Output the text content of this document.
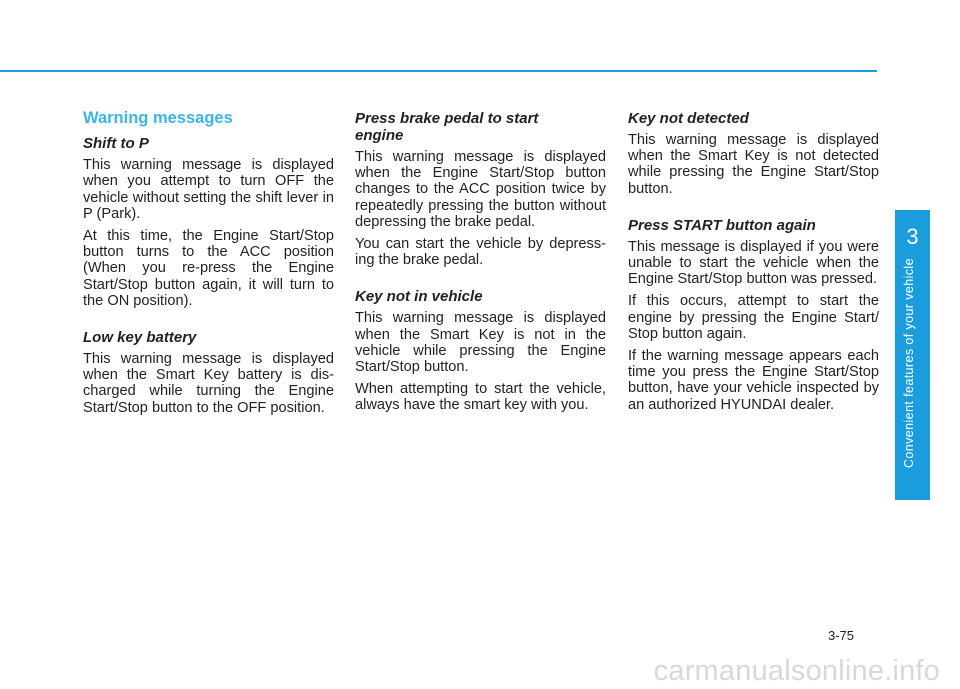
Warning messages
Shift to P

This warning message is displayed when you attempt to turn OFF the vehicle without setting the shift lever in P (Park).

At this time, the Engine Start/Stop button turns to the ACC position (When you re-press the Engine Start/Stop button again, it will turn to the ON position).

Low key battery

This warning message is displayed when the Smart Key battery is dis-charged while turning the Engine Start/Stop button to the OFF position.

Press brake pedal to start engine

This warning message is displayed when the Engine Start/Stop button changes to the ACC position twice by repeatedly pressing the button without depressing the brake pedal.

You can start the vehicle by depress-ing the brake pedal.

Key not in vehicle

This warning message is displayed when the Smart Key is not in the vehicle while pressing the Engine Start/Stop button.

When attempting to start the vehicle, always have the smart key with you.

Key not detected

This warning message is displayed when the Smart Key is not detected while pressing the Engine Start/Stop button.

Press START button again

This message is displayed if you were unable to start the vehicle when the Engine Start/Stop button was pressed.

If this occurs, attempt to start the engine by pressing the Engine Start/ Stop button again.

If the warning message appears each time you press the Engine Start/Stop button, have your vehicle inspected by an authorized HYUNDAI dealer.

3
Convenient features of your vehicle
3-75
carmanualsonline.info
